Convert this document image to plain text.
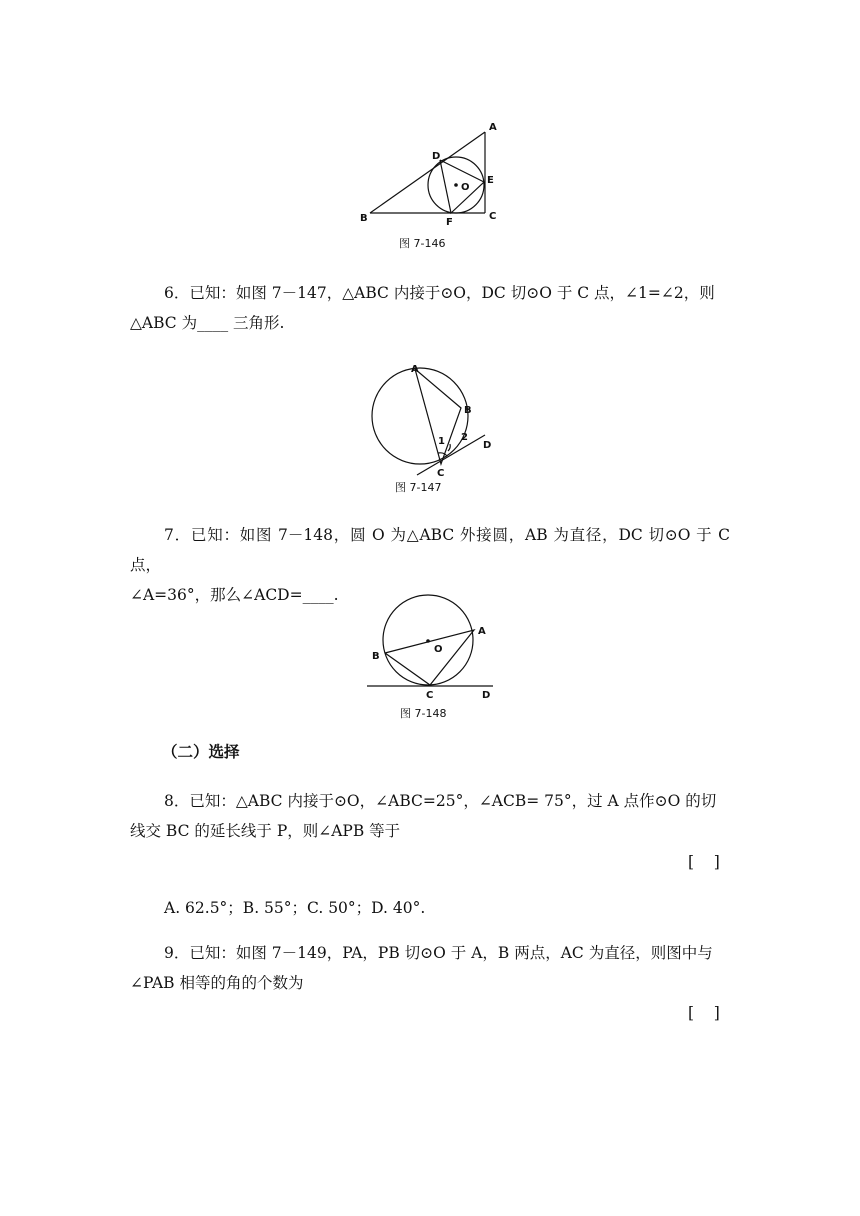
A
B	C
D
E
F
O
图 7-146

6．已知：如图 7－147，△ABC 内接于⊙O，DC 切⊙O 于 C 点，∠1=∠2，则

△ABC 为____ 三角形.

A
B
C
D
1 2
图 7-147

7．已知：如图 7－148，圆 O 为△ABC 外接圆，AB 为直径，DC 切⊙O 于 C 点，

∠A=36°，那么∠ACD=____.

O
A
B
C	D
图 7-148
（二）选择

8．已知：△ABC 内接于⊙O，∠ABC=25°，∠ACB= 75°，过 A 点作⊙O 的切

线交 BC 的延长线于 P，则∠APB 等于

[    ]
A. 62.5°；B. 55°；C. 50°；D. 40°.

9．已知：如图 7－149，PA，PB 切⊙O 于 A，B 两点，AC 为直径，则图中与

∠PAB 相等的角的个数为

[    ]
